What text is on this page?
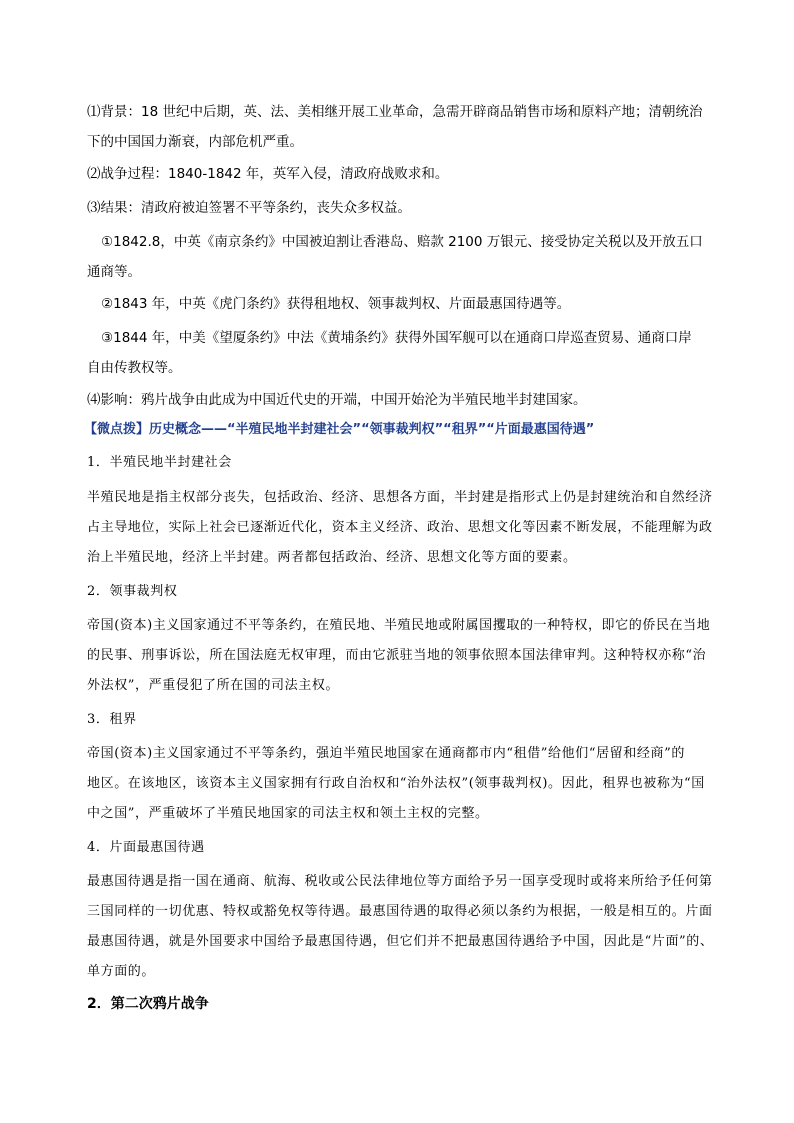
⑴背景：18 世纪中后期，英、法、美相继开展工业革命，急需开辟商品销售市场和原料产地；清朝统治

下的中国国力渐衰，内部危机严重。

⑵战争过程：1840-1842 年，英军入侵，清政府战败求和。

⑶结果：清政府被迫签署不平等条约，丧失众多权益。

①1842.8，中英《南京条约》中国被迫割让香港岛、赔款 2100 万银元、接受协定关税以及开放五口

通商等。

②1843 年，中英《虎门条约》获得租地权、领事裁判权、片面最惠国待遇等。

③1844 年，中美《望厦条约》中法《黄埔条约》获得外国军舰可以在通商口岸巡查贸易、通商口岸

自由传教权等。

⑷影响：鸦片战争由此成为中国近代史的开端，中国开始沦为半殖民地半封建国家。

【微点拨】历史概念——“半殖民地半封建社会”“领事裁判权”“租界”“片面最惠国待遇”

1．半殖民地半封建社会

半殖民地是指主权部分丧失，包括政治、经济、思想各方面，半封建是指形式上仍是封建统治和自然经济

占主导地位，实际上社会已逐渐近代化，资本主义经济、政治、思想文化等因素不断发展，不能理解为政

治上半殖民地，经济上半封建。两者都包括政治、经济、思想文化等方面的要素。

2．领事裁判权

帝国(资本)主义国家通过不平等条约，在殖民地、半殖民地或附属国攫取的一种特权，即它的侨民在当地

的民事、刑事诉讼，所在国法庭无权审理，而由它派驻当地的领事依照本国法律审判。这种特权亦称“治

外法权”，严重侵犯了所在国的司法主权。

3．租界

帝国(资本)主义国家通过不平等条约，强迫半殖民地国家在通商都市内“租借”给他们“居留和经商”的

地区。在该地区，该资本主义国家拥有行政自治权和“治外法权”(领事裁判权)。因此，租界也被称为“国

中之国”，严重破坏了半殖民地国家的司法主权和领土主权的完整。

4．片面最惠国待遇

最惠国待遇是指一国在通商、航海、税收或公民法律地位等方面给予另一国享受现时或将来所给予任何第

三国同样的一切优惠、特权或豁免权等待遇。最惠国待遇的取得必须以条约为根据，一般是相互的。片面

最惠国待遇，就是外国要求中国给予最惠国待遇，但它们并不把最惠国待遇给予中国，因此是“片面”的、

单方面的。

2．第二次鸦片战争
